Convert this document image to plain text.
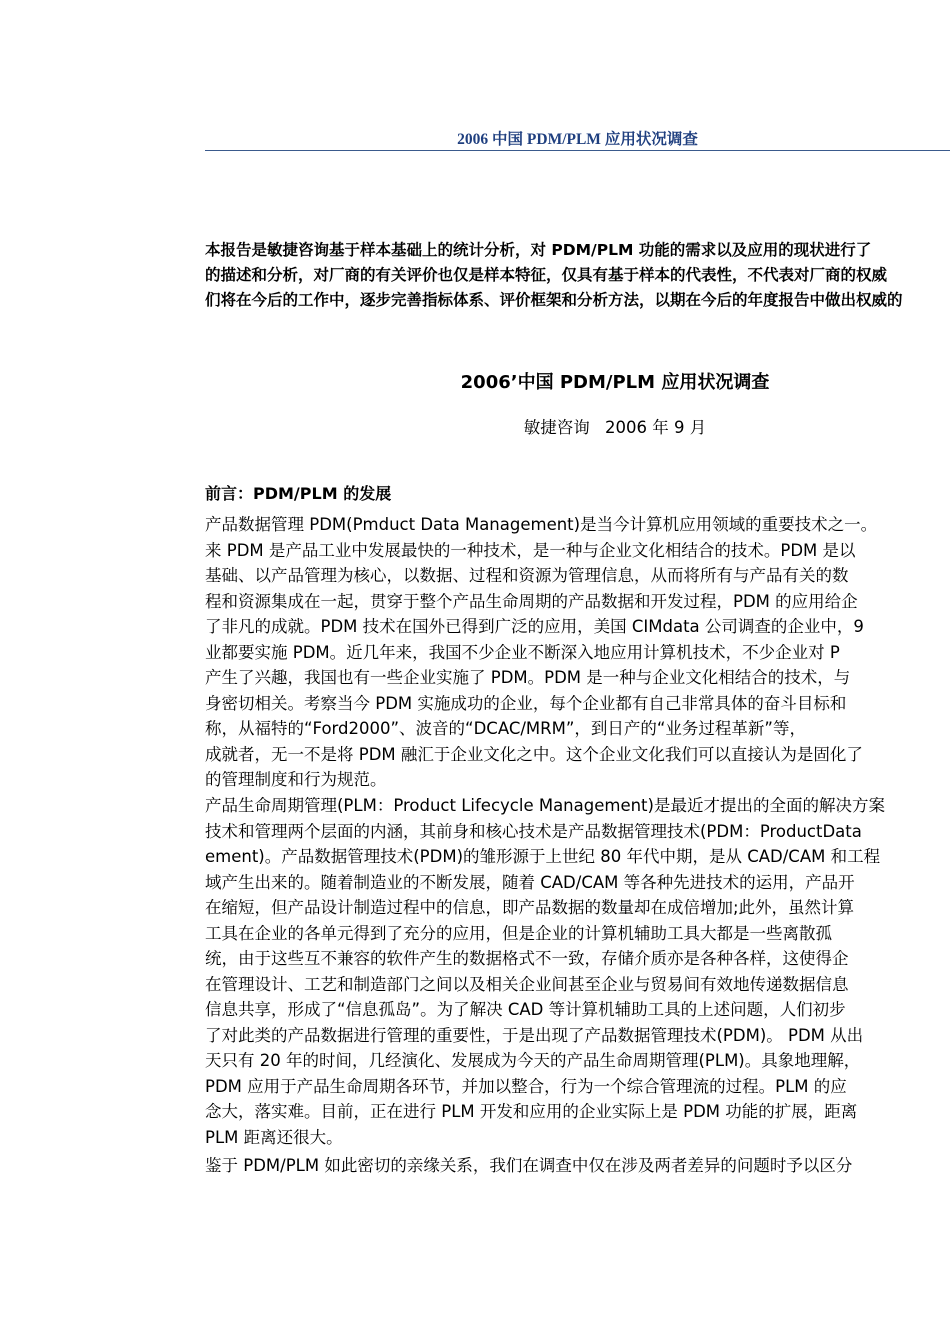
2006 中国 PDM/PLM 应用状况调查
本报告是敏捷咨询基于样本基础上的统计分析，对 PDM/PLM 功能的需求以及应用的现状进行了
的描述和分析，对厂商的有关评价也仅是样本特征，仅具有基于样本的代表性，不代表对厂商的权威
们将在今后的工作中，逐步完善指标体系、评价框架和分析方法，以期在今后的年度报告中做出权威的
2006’中国 PDM/PLM 应用状况调查
敏捷咨询 2006 年 9 月
前言：PDM/PLM 的发展
产品数据管理 PDM(Pmduct Data Management)是当今计算机应用领域的重要技术之一。
来 PDM 是产品工业中发展最快的一种技术，是一种与企业文化相结合的技术。PDM 是以
基础、以产品管理为核心，以数据、过程和资源为管理信息，从而将所有与产品有关的数
程和资源集成在一起，贯穿于整个产品生命周期的产品数据和开发过程，PDM 的应用给企
了非凡的成就。PDM 技术在国外已得到广泛的应用，美国 CIMdata 公司调查的企业中，9
业都要实施 PDM。近几年来，我国不少企业不断深入地应用计算机技术，不少企业对 P
产生了兴趣，我国也有一些企业实施了 PDM。PDM 是一种与企业文化相结合的技术，与
身密切相关。考察当今 PDM 实施成功的企业，每个企业都有自己非常具体的奋斗目标和
称，从福特的“Ford2000”、波音的“DCAC/MRM”，到日产的“业务过程革新”等，
成就者，无一不是将 PDM 融汇于企业文化之中。这个企业文化我们可以直接认为是固化了
的管理制度和行为规范。
产品生命周期管理(PLM：Product Lifecycle Management)是最近才提出的全面的解决方案
技术和管理两个层面的内涵，其前身和核心技术是产品数据管理技术(PDM：ProductData
ement)。产品数据管理技术(PDM)的雏形源于上世纪 80 年代中期，是从 CAD/CAM 和工程
域产生出来的。随着制造业的不断发展，随着 CAD/CAM 等各种先进技术的运用，产品开
在缩短，但产品设计制造过程中的信息，即产品数据的数量却在成倍增加;此外，虽然计算
工具在企业的各单元得到了充分的应用，但是企业的计算机辅助工具大都是一些离散孤
统，由于这些互不兼容的软件产生的数据格式不一致，存储介质亦是各种各样，这使得企
在管理设计、工艺和制造部门之间以及相关企业间甚至企业与贸易间有效地传递数据信息
信息共享，形成了“信息孤岛”。为了解决 CAD 等计算机辅助工具的上述问题，人们初步
了对此类的产品数据进行管理的重要性，于是出现了产品数据管理技术(PDM)。 PDM 从出
天只有 20 年的时间，几经演化、发展成为今天的产品生命周期管理(PLM)。具象地理解，
PDM 应用于产品生命周期各环节，并加以整合，行为一个综合管理流的过程。PLM 的应
念大，落实难。目前，正在进行 PLM 开发和应用的企业实际上是 PDM 功能的扩展，距离
PLM 距离还很大。
鉴于 PDM/PLM 如此密切的亲缘关系，我们在调查中仅在涉及两者差异的问题时予以区分
